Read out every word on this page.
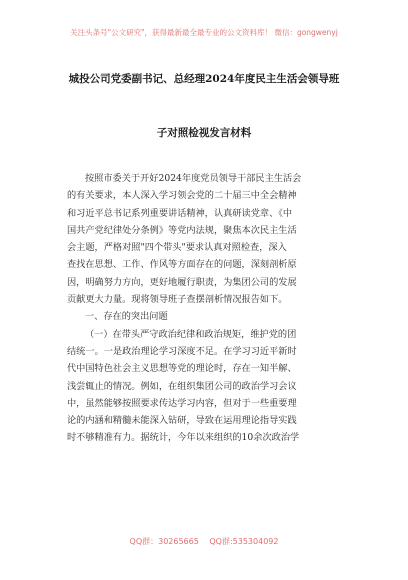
关注头条号"公文研究"，获得最新最全最专业的公文资料库！ 微信：gongwenyj
城投公司党委副书记、总经理2024年度民主生活会领导班
子对照检视发言材料
按照市委关于开好2024年度党员领导干部民主生活会
的有关要求，本人深入学习领会党的二十届三中全会精神
和习近平总书记系列重要讲话精神，认真研读党章、《中
国共产党纪律处分条例》等党内法规，聚焦本次民主生活
会主题，严格对照"四个带头"要求认真对照检查，深入
查找在思想、工作、作风等方面存在的问题，深刻剖析原
因，明确努力方向，更好地履行职责，为集团公司的发展
贡献更大力量。现将领导班子查摆剖析情况报告如下。
一、存在的突出问题
（一）在带头严守政治纪律和政治规矩，维护党的团
结统一。一是政治理论学习深度不足。在学习习近平新时
代中国特色社会主义思想等党的理论时，存在一知半解、
浅尝辄止的情况。例如，在组织集团公司的政治学习会议
中，虽然能够按照要求传达学习内容，但对于一些重要理
论的内涵和精髓未能深入钻研，导致在运用理论指导实践
时不够精准有力。据统计，今年以来组织的10余次政治学
QQ群：30265665 QQ群:535304092
